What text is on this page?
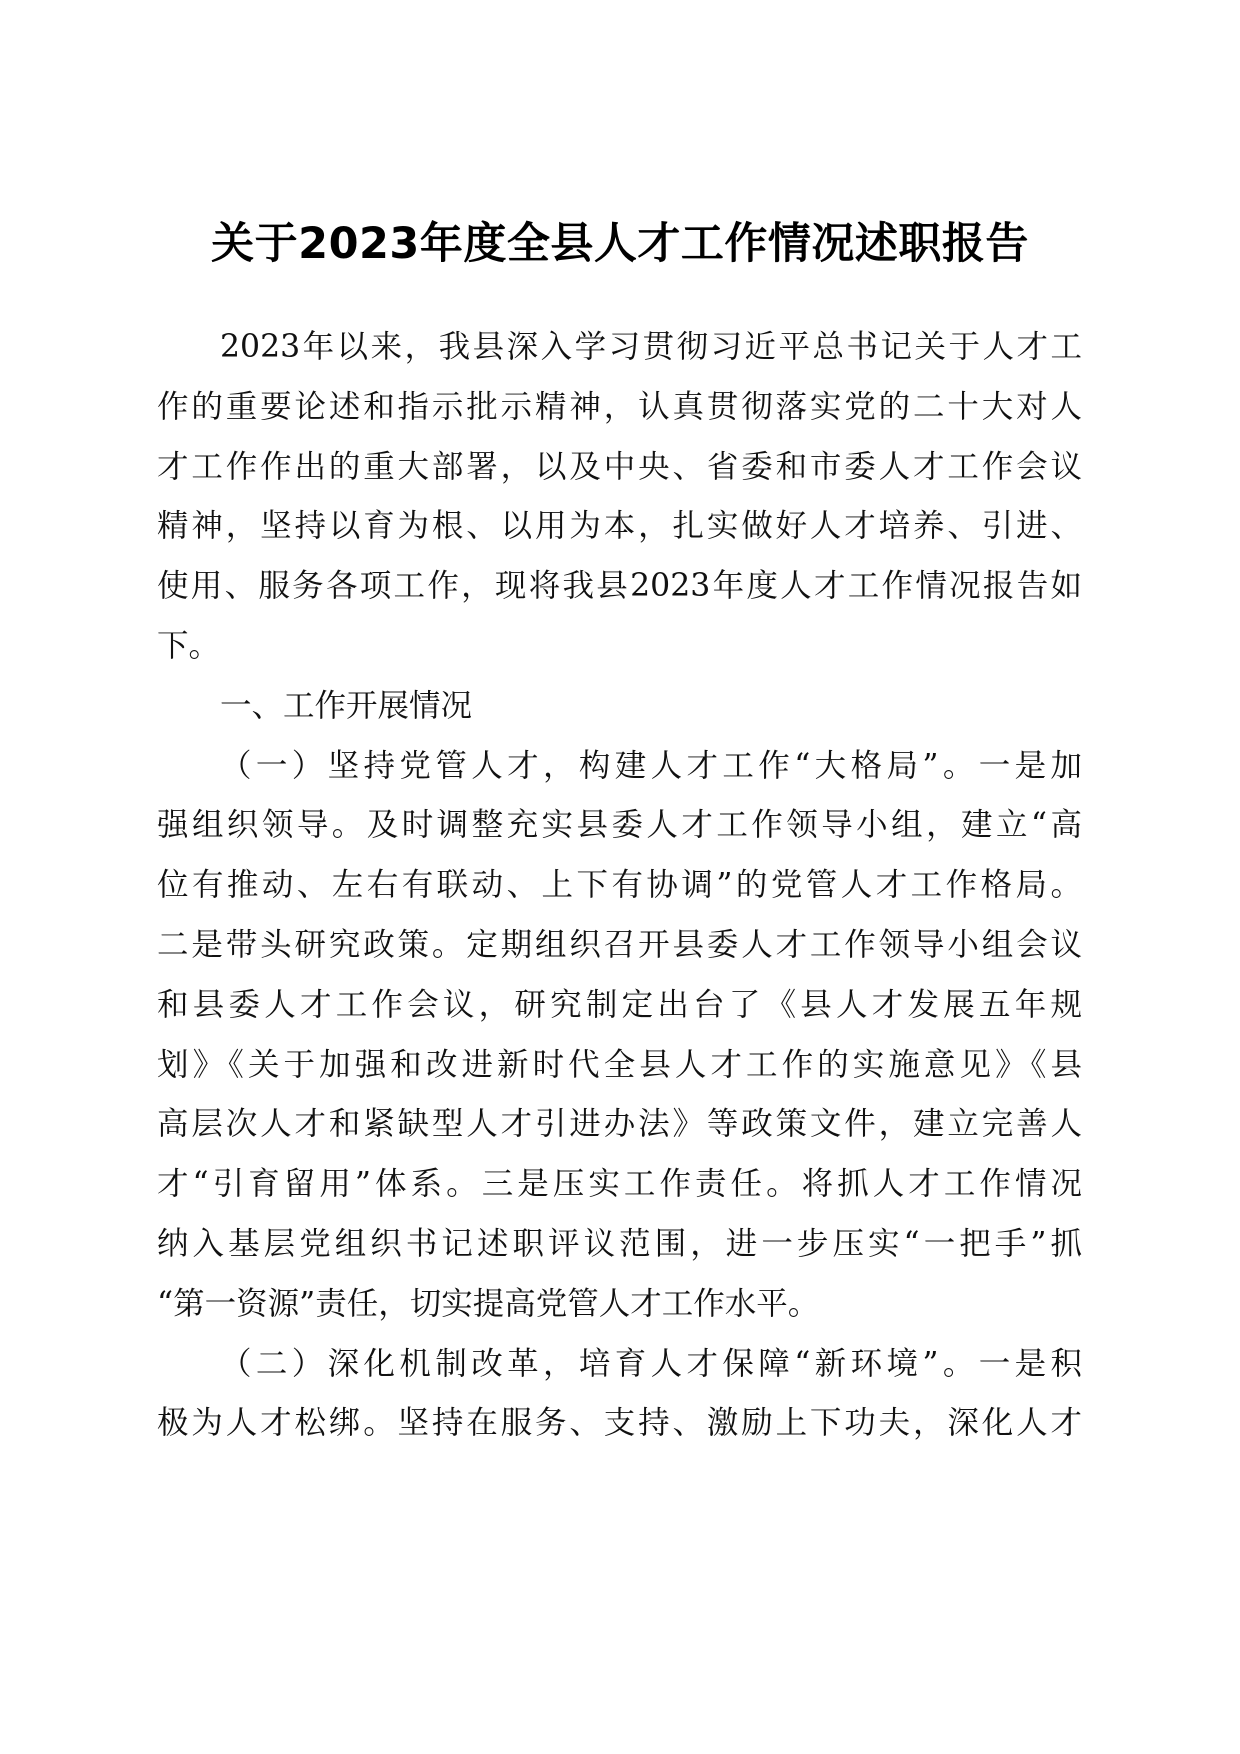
关于2023年度全县人才工作情况述职报告
2023年以来，我县深入学习贯彻习近平总书记关于人才工
作的重要论述和指示批示精神，认真贯彻落实党的二十大对人
才工作作出的重大部署，以及中央、省委和市委人才工作会议
精神，坚持以育为根、以用为本，扎实做好人才培养、引进、
使用、服务各项工作，现将我县2023年度人才工作情况报告如
下。
一、工作开展情况
（一）坚持党管人才，构建人才工作“大格局”。一是加
强组织领导。及时调整充实县委人才工作领导小组，建立“高
位有推动、左右有联动、上下有协调”的党管人才工作格局。
二是带头研究政策。定期组织召开县委人才工作领导小组会议
和县委人才工作会议，研究制定出台了《县人才发展五年规
划》《关于加强和改进新时代全县人才工作的实施意见》《县
高层次人才和紧缺型人才引进办法》等政策文件，建立完善人
才“引育留用”体系。三是压实工作责任。将抓人才工作情况
纳入基层党组织书记述职评议范围，进一步压实“一把手”抓
“第一资源”责任，切实提高党管人才工作水平。
（二）深化机制改革，培育人才保障“新环境”。一是积
极为人才松绑。坚持在服务、支持、激励上下功夫，深化人才
